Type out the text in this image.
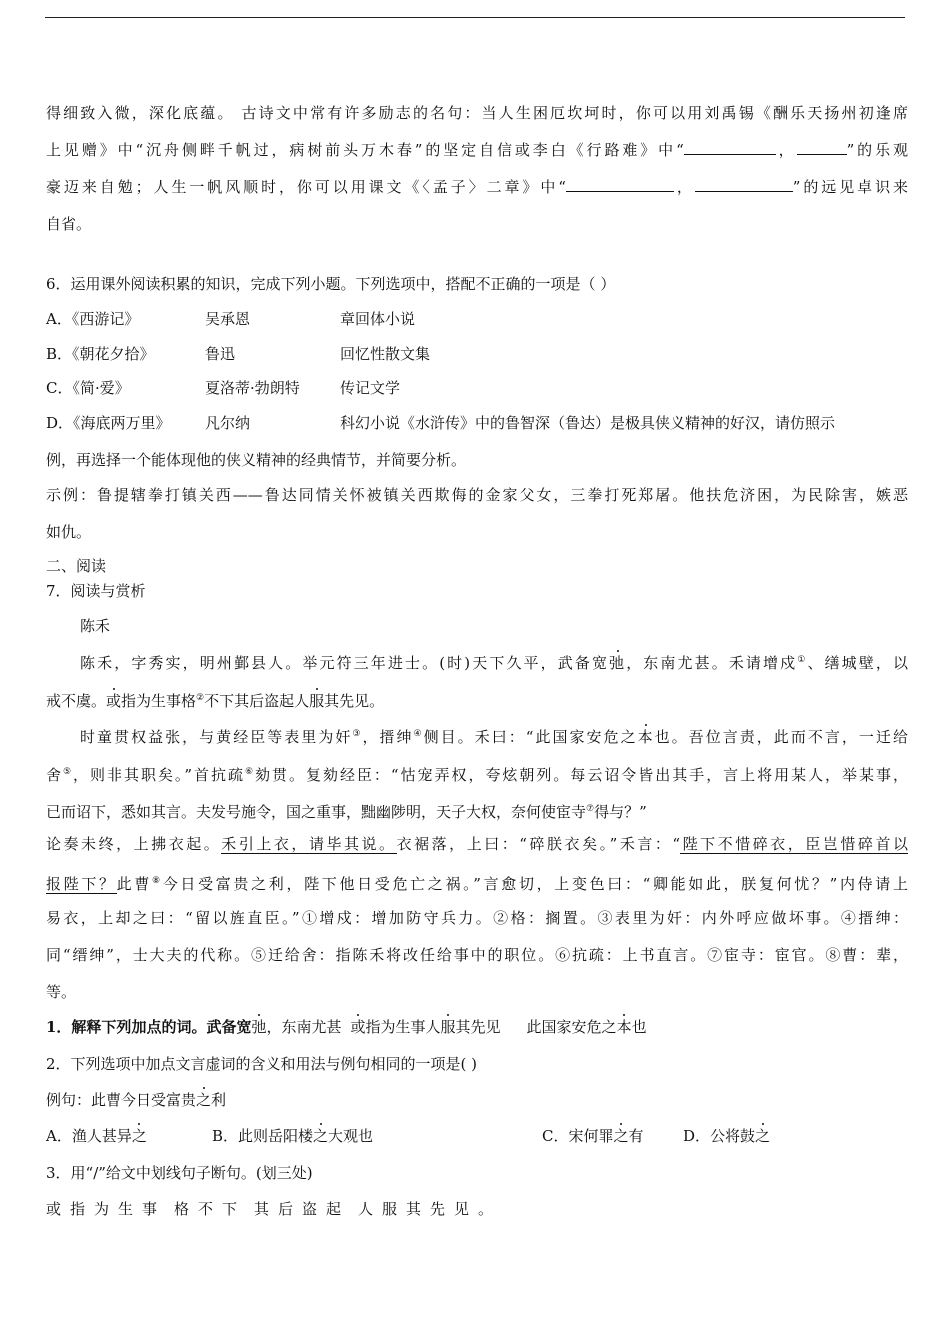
得细致入微，深化底蕴。 古诗文中常有许多励志的名句：当人生困厄坎坷时，你可以用刘禹锡《酬乐天扬州初逢席
上见赠》中“沉舟侧畔千帆过，病树前头万木春”的坚定自信或李白《行路难》中“	，	”的乐观
豪迈来自勉；人生一帆风顺时，你可以用课文《〈孟子〉二章》中“	，	”的远见卓识来
自省。
6．运用课外阅读积累的知识，完成下列小题。下列选项中，搭配不正确的一项是（ ）
A．《西游记》	吴承恩	章回体小说
B．《朝花夕拾》	鲁迅	回忆性散文集
C．《简·爱》	夏洛蒂·勃朗特	传记文学
D．《海底两万里》 凡尔纳	科幻小说《水浒传》中的鲁智深（鲁达）是极具侠义精神的好汉，请仿照示
例，再选择一个能体现他的侠义精神的经典情节，并简要分析。
示例：鲁提辖拳打镇关西——鲁达同情关怀被镇关西欺侮的金家父女，三拳打死郑屠。他扶危济困，为民除害，嫉恶
如仇。
二、阅读
7．阅读与赏析
陈禾
陈禾，字秀实，明州鄞县人。举元符三年进士。(时)天下久平，武备宽弛，东南尤甚。禾请增戍①、缮城壁，以
戒不虞。或指为生事格②不下其后盗起人服其先见。
时童贯权益张，与黄经臣等表里为奸③，搢绅④侧目。禾曰：“此国家安危之本也。吾位言责，此而不言，一迁给
舍⑤，则非其职矣。”首抗疏⑥劾贯。复劾经臣：“怙宠弄权，夸炫朝列。每云诏令皆出其手，言上将用某人，举某事，
已而诏下，悉如其言。夫发号施令，国之重事，黜幽陟明，天子大权，奈何使宦寺⑦得与？”
论奏未终，上拂衣起。禾引上衣，请毕其说。衣裾落，上曰：“碎朕衣矣。”禾言：“陛下不惜碎衣，臣岂惜碎首以
报陛下？此曹⑧今日受富贵之利，陛下他日受危亡之祸。”言愈切，上变色曰：“卿能如此，朕复何忧？”内侍请上
易衣，上却之曰：“留以旌直臣。”①增戍：增加防守兵力。②格：搁置。③表里为奸：内外呼应做坏事。④搢绅：
同“缙绅”，士大夫的代称。⑤迁给舍：指陈禾将改任给事中的职位。⑥抗疏：上书直言。⑦宦寺：宦官。⑧曹：辈，
等。
1．解释下列加点的词。武备宽弛，东南尤甚 或指为生事人服其先见 此国家安危之本也
2．下列选项中加点文言虚词的含义和用法与例句相同的一项是( )
例句：此曹今日受富贵之利
A．渔人甚异之	B．此则岳阳楼之大观也	C．宋何罪之有	D．公将鼓之
3．用“/”给文中划线句子断句。(划三处)
或指为生事 格不下 其后盗起 人服其先见。
